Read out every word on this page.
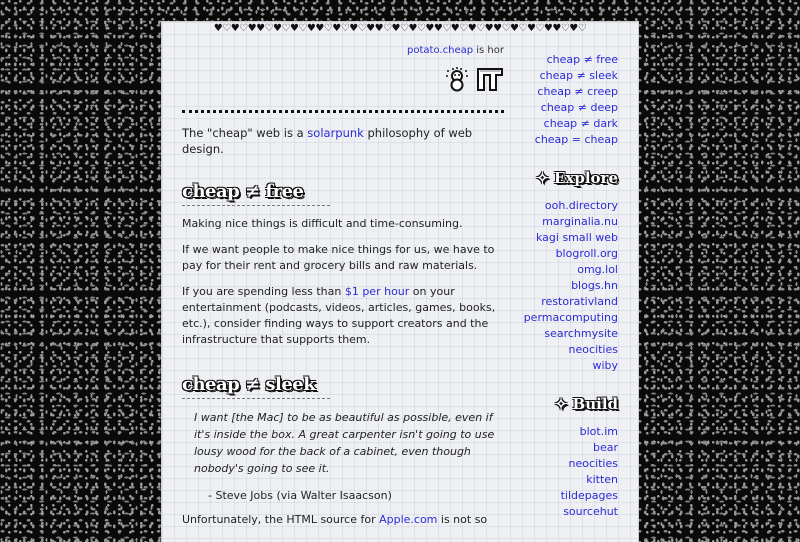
♥♡♥♡♥♥♡♥♡♥♡♥♥♡♥♡♥♡♥♥♡♥♡♥♡♥♥♡♥♡♥♡♥♥♡♥♡♥♡♥♥♡♥♡
potato.cheap is hor
The "cheap" web is a solarpunk philosophy of web design.
cheap ≠ free

Making nice things is difficult and time-consuming.

If we want people to make nice things for us, we have to pay for their rent and grocery bills and raw materials.

If you are spending less than $1 per hour on your entertainment (podcasts, videos, articles, games, books, etc.), consider finding ways to support creators and the infrastructure that supports them.

cheap ≠ sleek
I want [the Mac] to be as beautiful as possible, even if it's inside the box. A great carpenter isn't going to use lousy wood for the back of a cabinet, even though nobody's going to see it.
- Steve Jobs (via Walter Isaacson)

Unfortunately, the HTML source for Apple.com is not so

cheap ≠ free
cheap ≠ sleek
cheap ≠ creep
cheap ≠ deep
cheap ≠ dark
cheap = cheap
✧ Explore
ooh.directory
marginalia.nu
kagi small web
blogroll.org
omg.lol
blogs.hn
restorativland
permacomputing
searchmysite
neocities
wiby
✧ Build
blot.im
bear
neocities
kitten
tildepages
sourcehut
